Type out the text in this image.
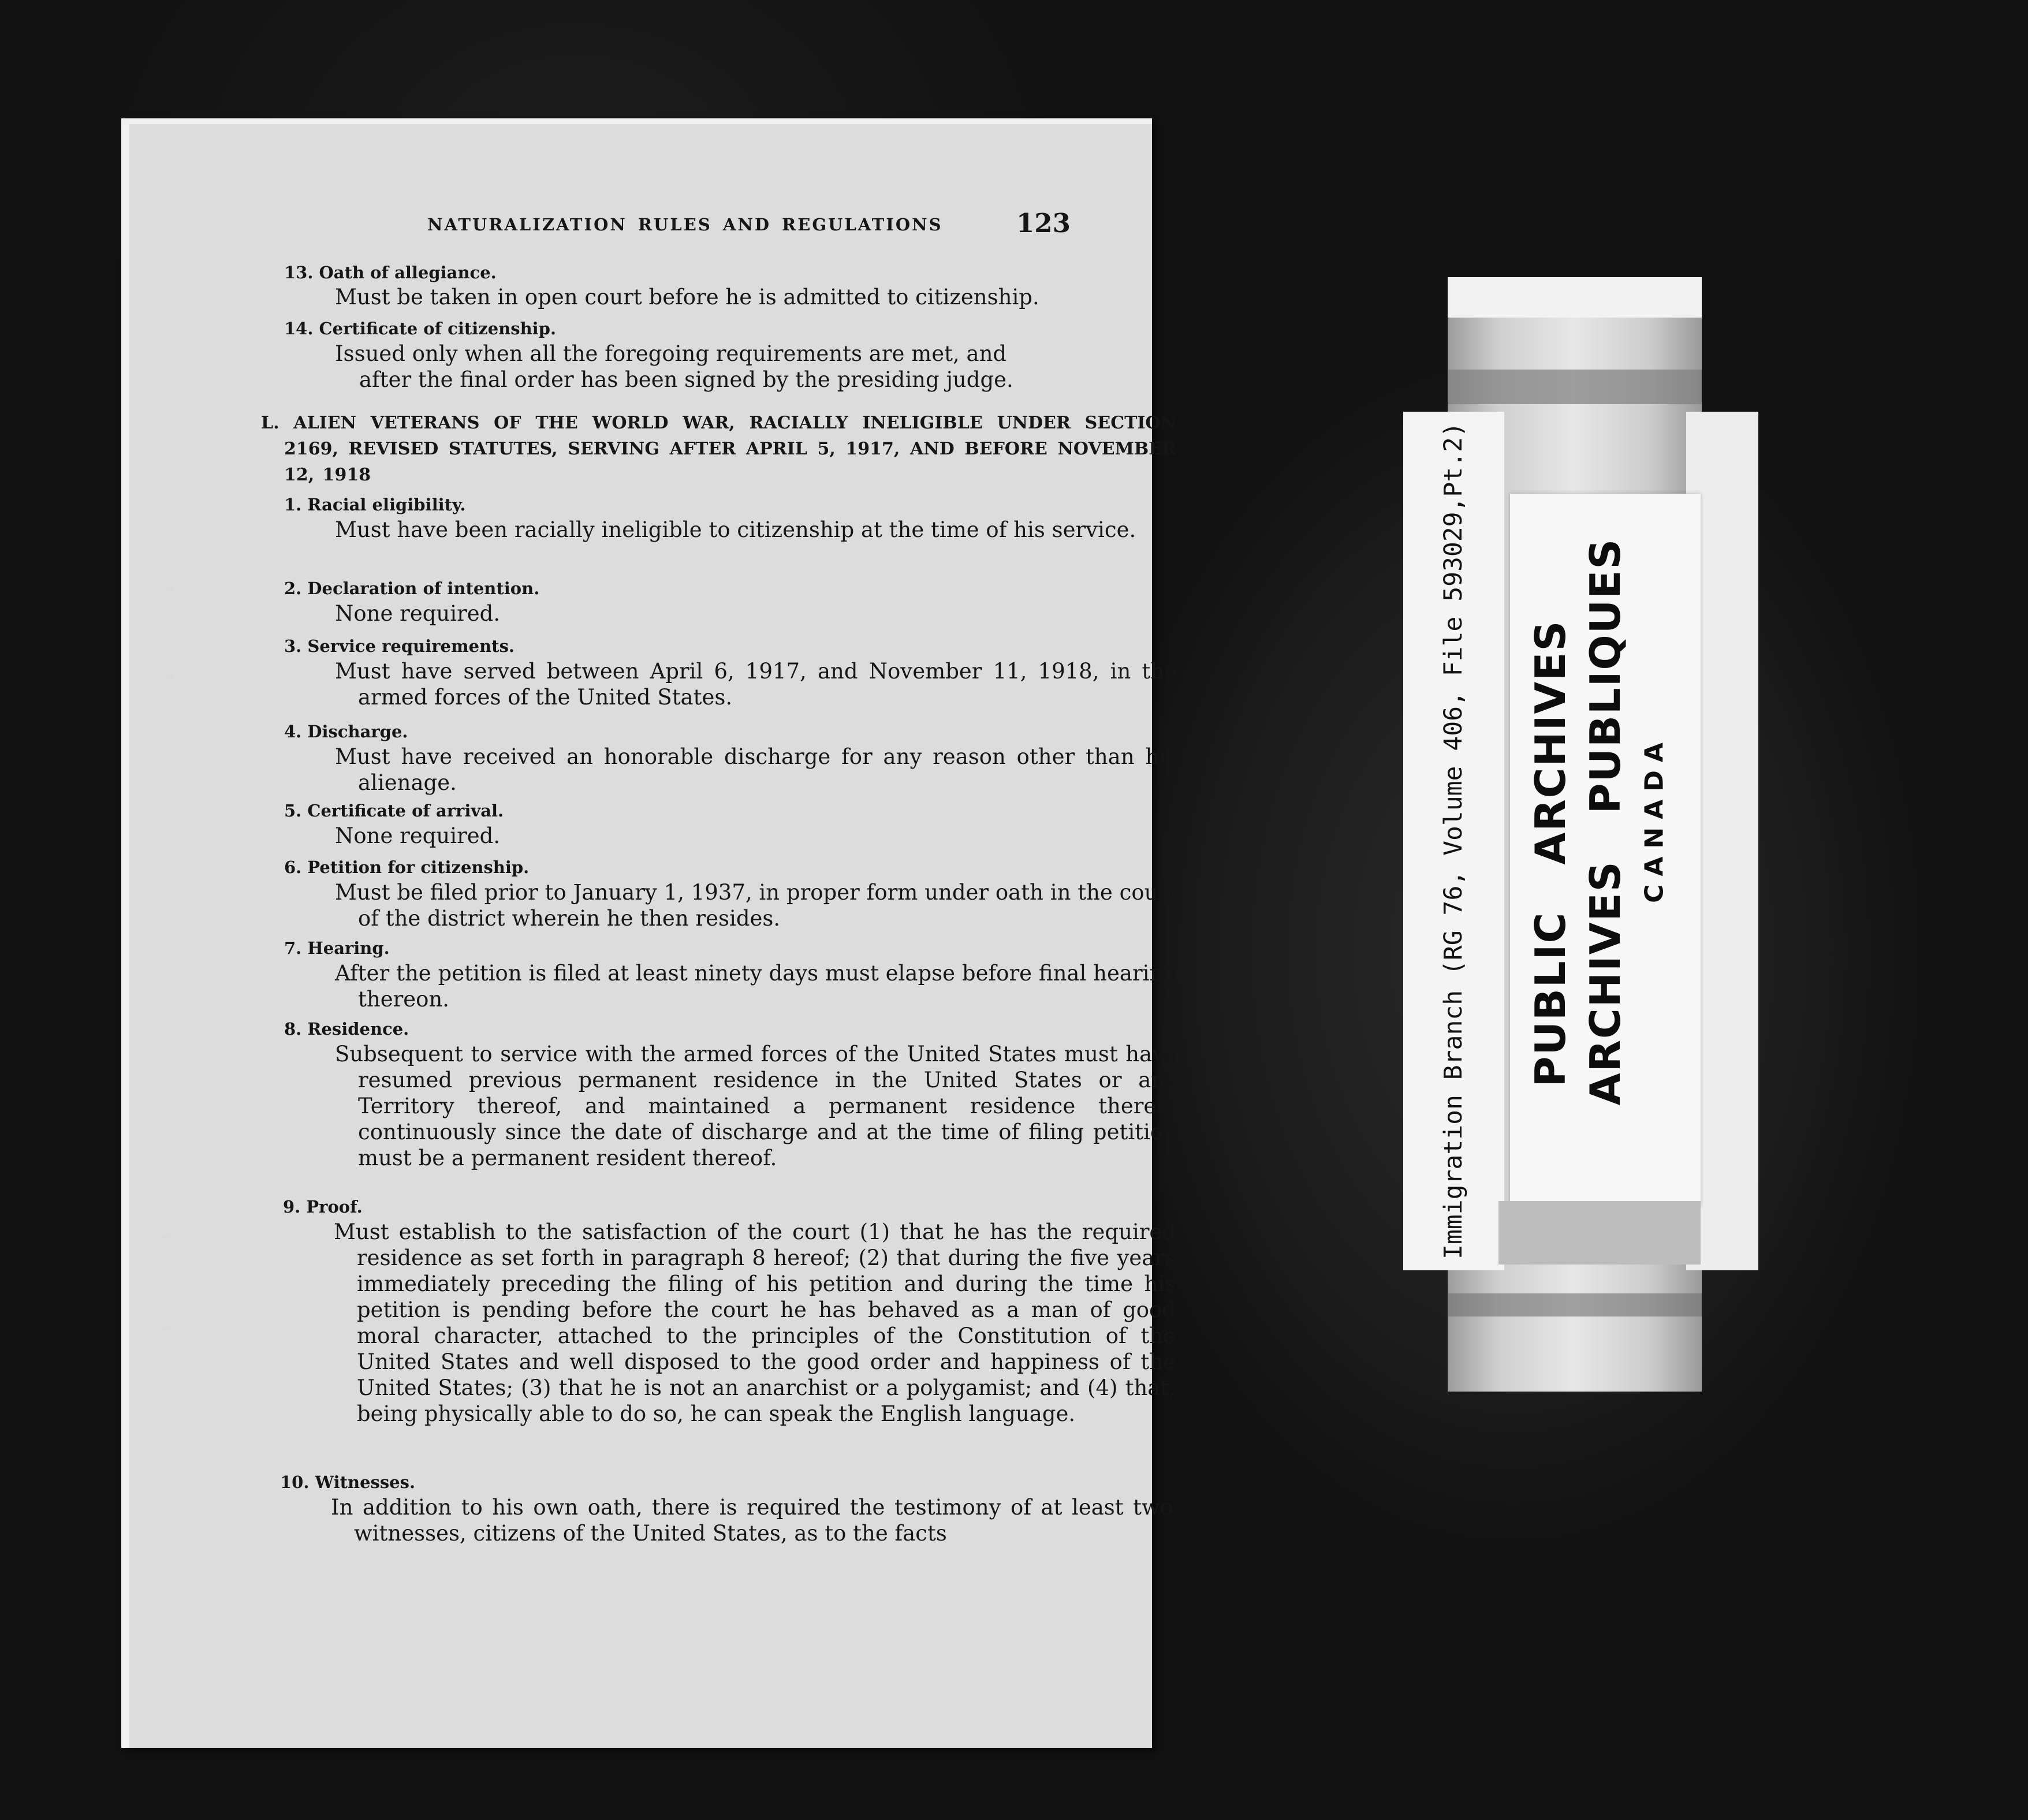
NATURALIZATION RULES AND REGULATIONS	123
13. Oath of allegiance.
Must be taken in open court before he is admitted to citizenship.
14. Certificate of citizenship.
Issued only when all the foregoing requirements are met, and
after the final order has been signed by the presiding judge.
L. ALIEN VETERANS OF THE WORLD WAR, RACIALLY INELIGIBLE UNDER SECTION 2169, REVISED STATUTES, SERVING AFTER APRIL 5, 1917, AND BEFORE NOVEMBER 12, 1918
1. Racial eligibility.
Must have been racially ineligible to citizenship at the time of his service.
2. Declaration of intention.
None required.
3. Service requirements.
Must have served between April 6, 1917, and November 11, 1918, in the armed forces of the United States.
4. Discharge.
Must have received an honorable discharge for any reason other than his alienage.
5. Certificate of arrival.
None required.
6. Petition for citizenship.
Must be filed prior to January 1, 1937, in proper form under oath in the court of the district wherein he then resides.
7. Hearing.
After the petition is filed at least ninety days must elapse before final hearing thereon.
8. Residence.
Subsequent to service with the armed forces of the United States must have resumed previous permanent residence in the United States or any Territory thereof, and maintained a permanent residence therein continuously since the date of discharge and at the time of filing petition must be a permanent resident thereof.
9. Proof.
Must establish to the satisfaction of the court (1) that he has the required residence as set forth in paragraph 8 hereof; (2) that during the five years immediately preceding the filing of his petition and during the time his petition is pending before the court he has behaved as a man of good moral character, attached to the principles of the Constitution of the United States and well disposed to the good order and happiness of the United States; (3) that he is not an anarchist or a polygamist; and (4) that, being physically able to do so, he can speak the English language.
10. Witnesses.
In addition to his own oath, there is required the testimony of at least two witnesses, citizens of the United States, as to the facts
Immigration Branch (RG 76, Volume 406, File 593029,Pt.2) PUBLIC   ARCHIVES ARCHIVES   PUBLIQUES CANADA
